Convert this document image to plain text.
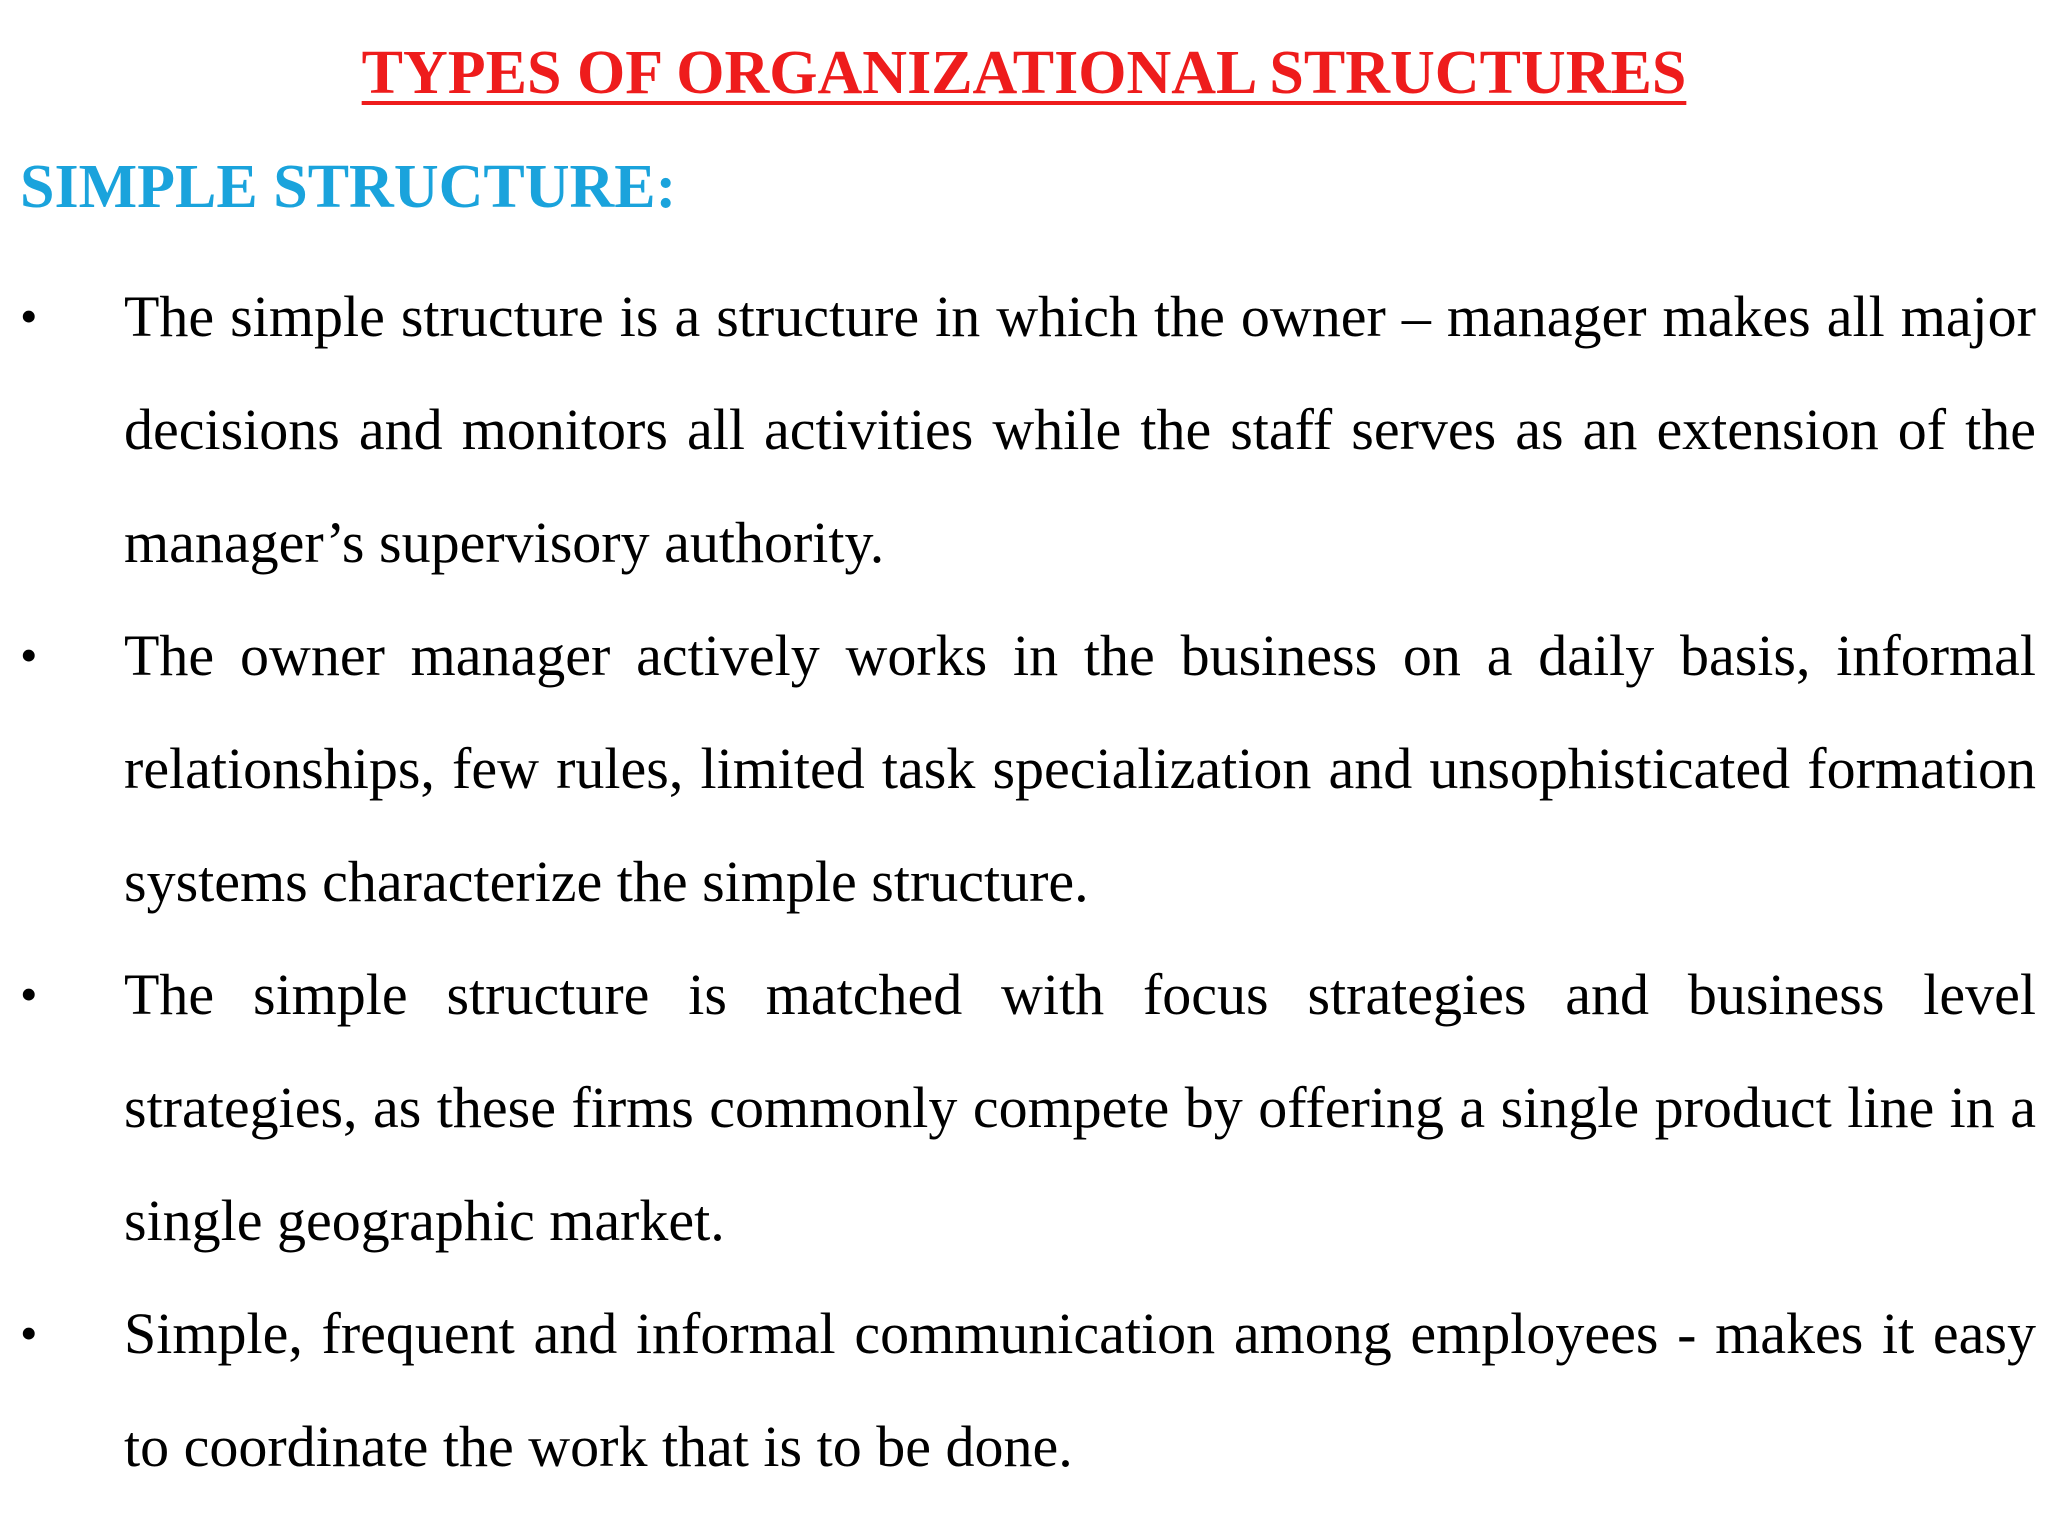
TYPES OF ORGANIZATIONAL STRUCTURES
SIMPLE STRUCTURE:
•	The simple structure is a structure in which the owner – manager makes all major decisions and monitors all activities while the staff serves as an extension of the manager’s supervisory authority.
•	The owner manager actively works in the business on a daily basis, informal relationships, few rules, limited task specialization and unsophisticated formation systems characterize the simple structure.
•	The simple structure is matched with focus strategies and business level strategies, as these firms commonly compete by offering a single product line in a single geographic market.
•	Simple, frequent and informal communication among employees - makes it easy to coordinate the work that is to be done.
